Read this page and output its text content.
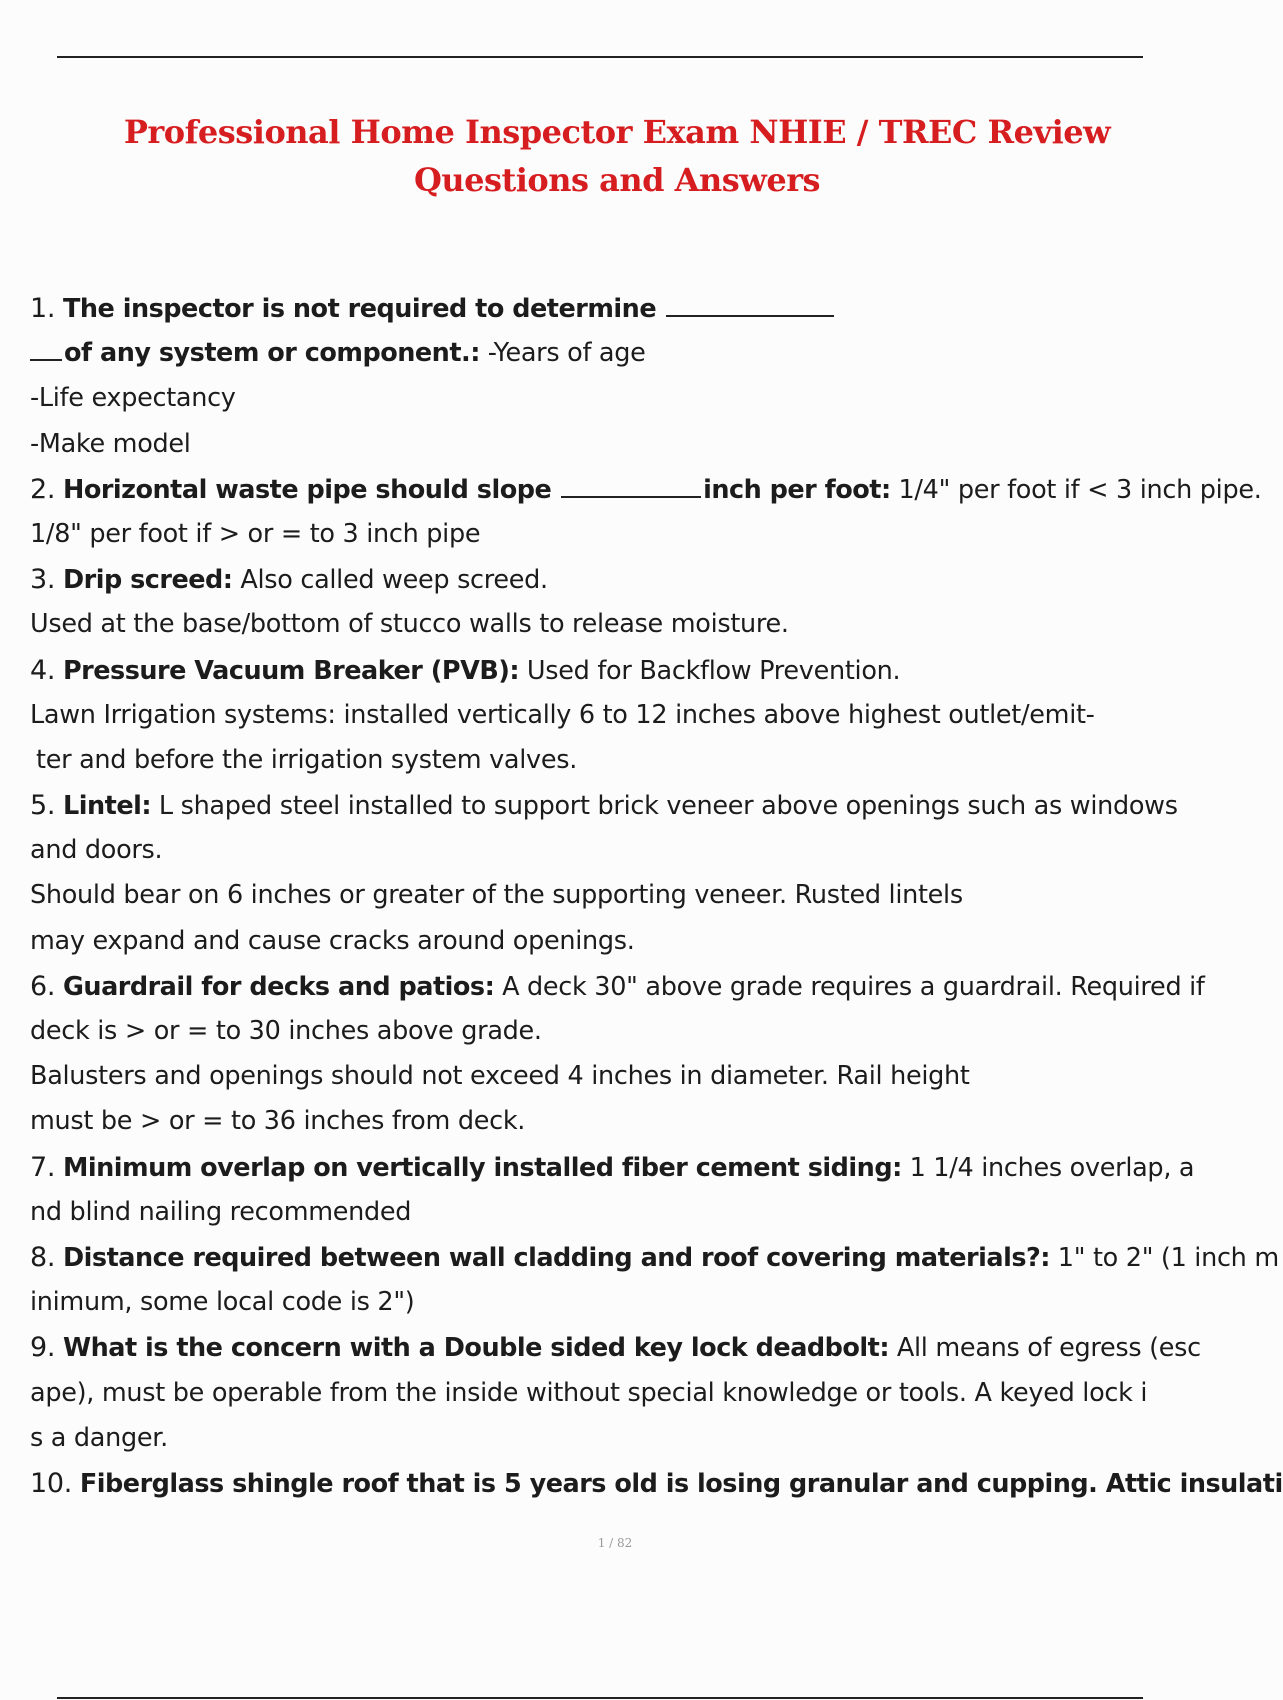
Professional Home Inspector Exam NHIE / TREC Review
Questions and Answers
1. The inspector is not required to determine
of any system or component.: -Years of age
-Life expectancy
-Make model
2. Horizontal waste pipe should slope	inch per foot: 1/4" per foot if < 3 inch pipe.
1/8" per foot if > or = to 3 inch pipe
3. Drip screed: Also called weep screed.
Used at the base/bottom of stucco walls to release moisture.
4. Pressure Vacuum Breaker (PVB): Used for Backflow Prevention.
Lawn Irrigation systems: installed vertically 6 to 12 inches above highest outlet/emit-
ter and before the irrigation system valves.
5. Lintel: L shaped steel installed to support brick veneer above openings such as windows
and doors.
Should bear on 6 inches or greater of the supporting veneer. Rusted lintels
may expand and cause cracks around openings.
6. Guardrail for decks and patios: A deck 30" above grade requires a guardrail. Required if
deck is > or = to 30 inches above grade.
Balusters and openings should not exceed 4 inches in diameter. Rail height
must be > or = to 36 inches from deck.
7. Minimum overlap on vertically installed fiber cement siding: 1 1/4 inches overlap, a
nd blind nailing recommended
8. Distance required between wall cladding and roof covering materials?: 1" to 2" (1 inch m
inimum, some local code is 2")
9. What is the concern with a Double sided key lock deadbolt: All means of egress (esc
ape), must be operable from the inside without special knowledge or tools. A keyed lock i
s a danger.
10. Fiberglass shingle roof that is 5 years old is losing granular and cupping. Attic insulati
1 / 82
